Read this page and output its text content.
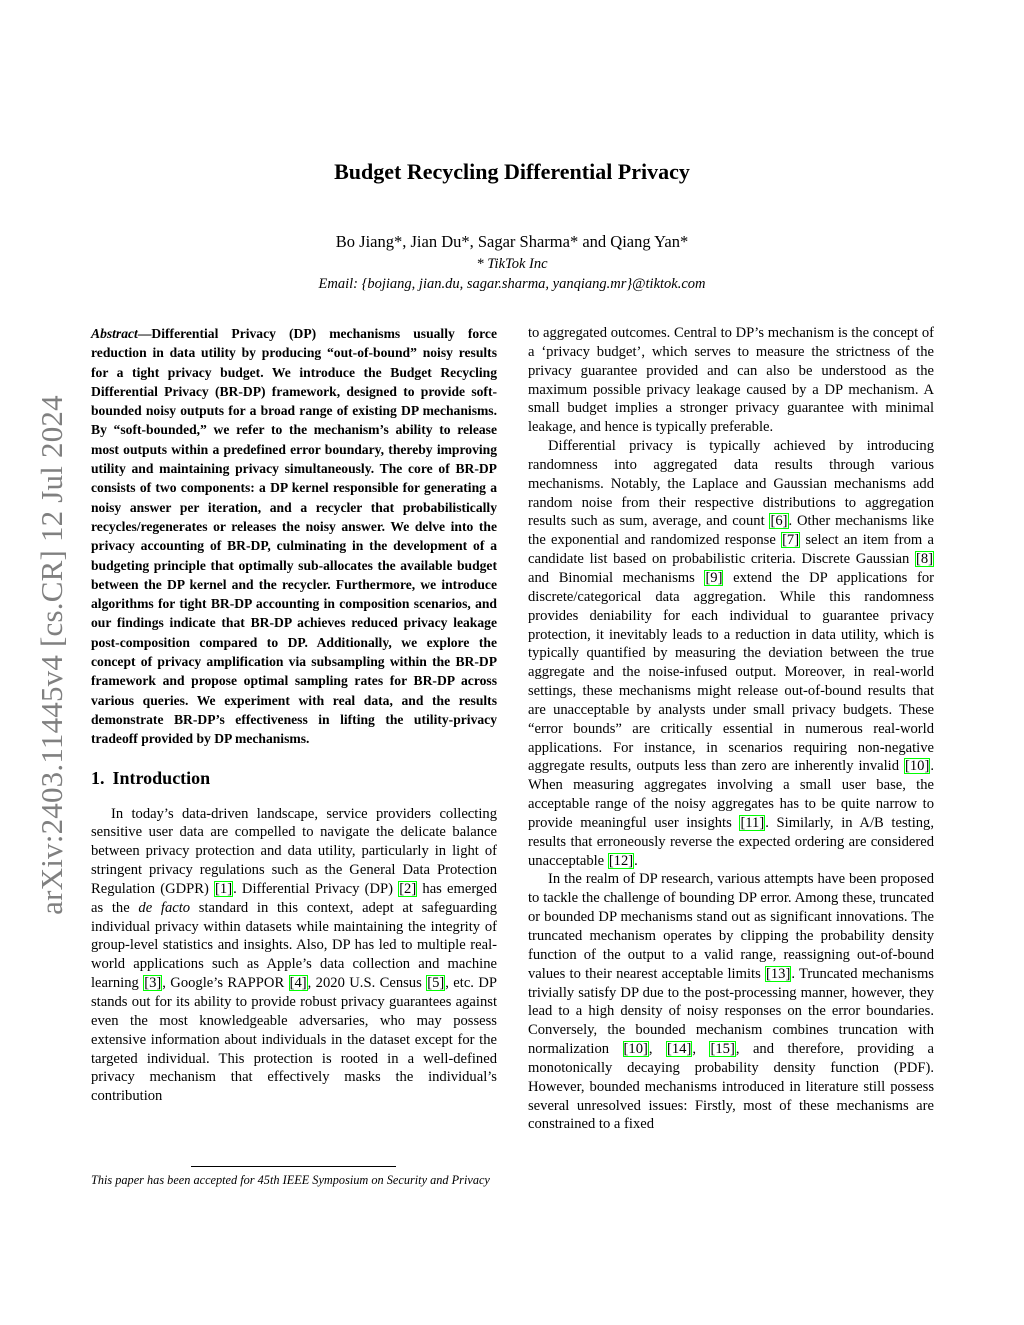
arXiv:2403.11445v4 [cs.CR] 12 Jul 2024
Budget Recycling Differential Privacy
Bo Jiang*, Jian Du*, Sagar Sharma* and Qiang Yan*
* TikTok Inc
Email: {bojiang, jian.du, sagar.sharma, yanqiang.mr}@tiktok.com

Abstract—Differential Privacy (DP) mechanisms usually force reduction in data utility by producing “out-of-bound” noisy results for a tight privacy budget. We introduce the Budget Recycling Differential Privacy (BR-DP) framework, designed to provide soft-bounded noisy outputs for a broad range of existing DP mechanisms. By “soft-bounded,” we refer to the mechanism’s ability to release most outputs within a predefined error boundary, thereby improving utility and maintaining privacy simultaneously. The core of BR-DP consists of two components: a DP kernel responsible for generating a noisy answer per iteration, and a recycler that probabilistically recycles/regenerates or releases the noisy answer. We delve into the privacy accounting of BR-DP, culminating in the development of a budgeting principle that optimally sub-allocates the available budget between the DP kernel and the recycler. Furthermore, we introduce algorithms for tight BR-DP accounting in composition scenarios, and our findings indicate that BR-DP achieves reduced privacy leakage post-composition compared to DP. Additionally, we explore the concept of privacy amplification via subsampling within the BR-DP framework and propose optimal sampling rates for BR-DP across various queries. We experiment with real data, and the results demonstrate BR-DP’s effectiveness in lifting the utility-privacy tradeoff provided by DP mechanisms.

1. Introduction

In today’s data-driven landscape, service providers collecting sensitive user data are compelled to navigate the delicate balance between privacy protection and data utility, particularly in light of stringent privacy regulations such as the General Data Protection Regulation (GDPR) [1]. Differential Privacy (DP) [2] has emerged as the de facto standard in this context, adept at safeguarding individual privacy within datasets while maintaining the integrity of group-level statistics and insights. Also, DP has led to multiple real-world applications such as Apple’s data collection and machine learning [3], Google’s RAPPOR [4], 2020 U.S. Census [5], etc. DP stands out for its ability to provide robust privacy guarantees against even the most knowledgeable adversaries, who may possess extensive information about individuals in the dataset except for the targeted individual. This protection is rooted in a well-defined privacy mechanism that effectively masks the individual’s contribution

This paper has been accepted for 45th IEEE Symposium on Security and Privacy

to aggregated outcomes. Central to DP’s mechanism is the concept of a ‘privacy budget’, which serves to measure the strictness of the privacy guarantee provided and can also be understood as the maximum possible privacy leakage caused by a DP mechanism. A small budget implies a stronger privacy guarantee with minimal leakage, and hence is typically preferable.

Differential privacy is typically achieved by introducing randomness into aggregated data results through various mechanisms. Notably, the Laplace and Gaussian mechanisms add random noise from their respective distributions to aggregation results such as sum, average, and count [6]. Other mechanisms like the exponential and randomized response [7] select an item from a candidate list based on probabilistic criteria. Discrete Gaussian [8] and Binomial mechanisms [9] extend the DP applications for discrete/categorical data aggregation. While this randomness provides deniability for each individual to guarantee privacy protection, it inevitably leads to a reduction in data utility, which is typically quantified by measuring the deviation between the true aggregate and the noise-infused output. Moreover, in real-world settings, these mechanisms might release out-of-bound results that are unacceptable by analysts under small privacy budgets. These “error bounds” are critically essential in numerous real-world applications. For instance, in scenarios requiring non-negative aggregate results, outputs less than zero are inherently invalid [10]. When measuring aggregates involving a small user base, the acceptable range of the noisy aggregates has to be quite narrow to provide meaningful user insights [11]. Similarly, in A/B testing, results that erroneously reverse the expected ordering are considered unacceptable [12].

In the realm of DP research, various attempts have been proposed to tackle the challenge of bounding DP error. Among these, truncated or bounded DP mechanisms stand out as significant innovations. The truncated mechanism operates by clipping the probability density function of the output to a valid range, reassigning out-of-bound values to their nearest acceptable limits [13]. Truncated mechanisms trivially satisfy DP due to the post-processing manner, however, they lead to a high density of noisy responses on the error boundaries. Conversely, the bounded mechanism combines truncation with normalization [10], [14], [15], and therefore, providing a monotonically decaying probability density function (PDF). However, bounded mechanisms introduced in literature still possess several unresolved issues: Firstly, most of these mechanisms are constrained to a fixed
